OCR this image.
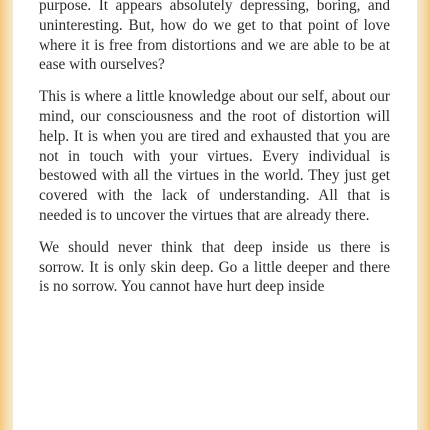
purpose. It appears absolutely depressing, boring, and uninteresting. But, how do we get to that point of love where it is free from distortions and we are able to be at ease with ourselves?

This is where a little knowledge about our self, about our mind, our consciousness and the root of distortion will help. It is when you are tired and exhausted that you are not in touch with your virtues. Every individual is bestowed with all the virtues in the world. They just get covered with the lack of understanding. All that is needed is to uncover the virtues that are already there.

We should never think that deep inside us there is sorrow. It is only skin deep. Go a little deeper and there is no sorrow. You cannot have hurt deep inside
